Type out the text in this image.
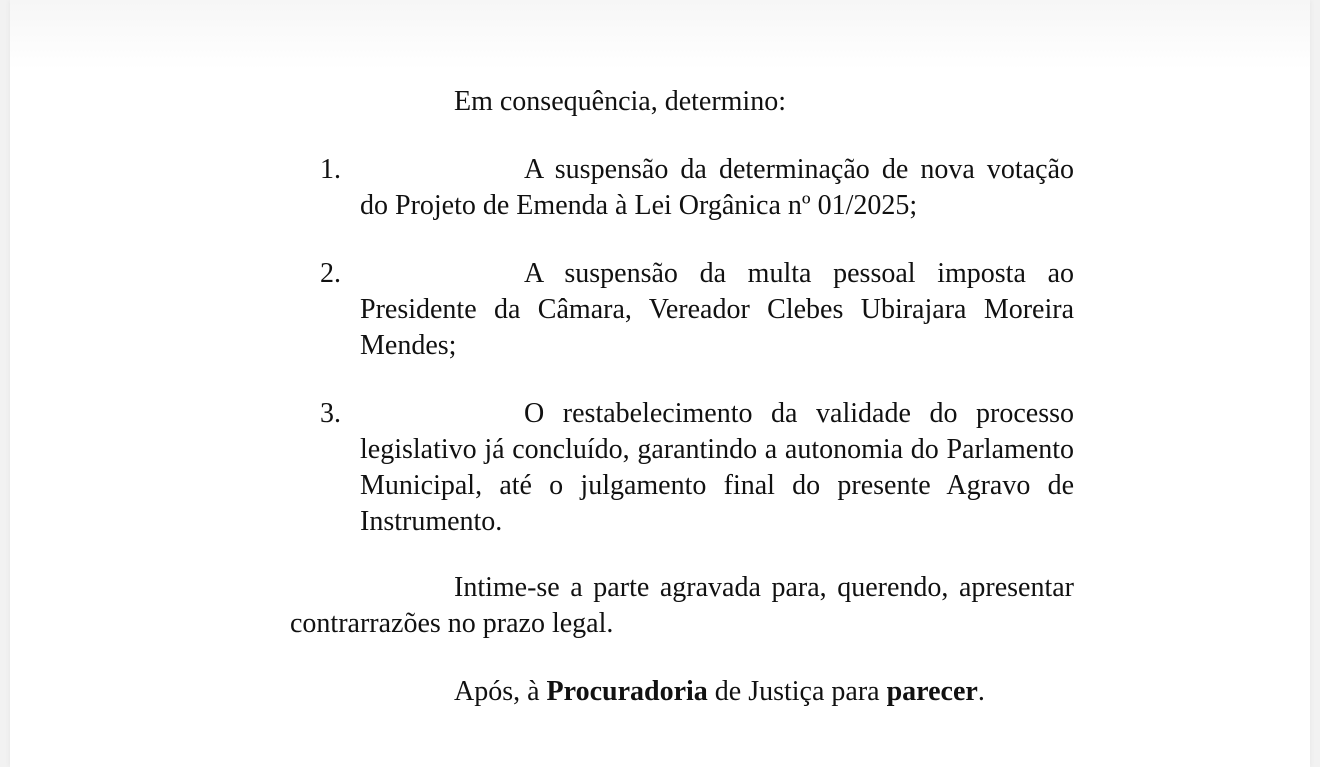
Em consequência, determino:

1.	A suspensão da determinação de nova votação do Projeto de Emenda à Lei Orgânica nº 01/2025;

2.	A suspensão da multa pessoal imposta ao Presidente da Câmara, Vereador Clebes Ubirajara Moreira Mendes;

3.	O restabelecimento da validade do processo legislativo já concluído, garantindo a autonomia do Parlamento Municipal, até o julgamento final do presente Agravo de Instrumento.

Intime-se a parte agravada para, querendo, apresentar contrarrazões no prazo legal.

Após, à Procuradoria de Justiça para parecer.
